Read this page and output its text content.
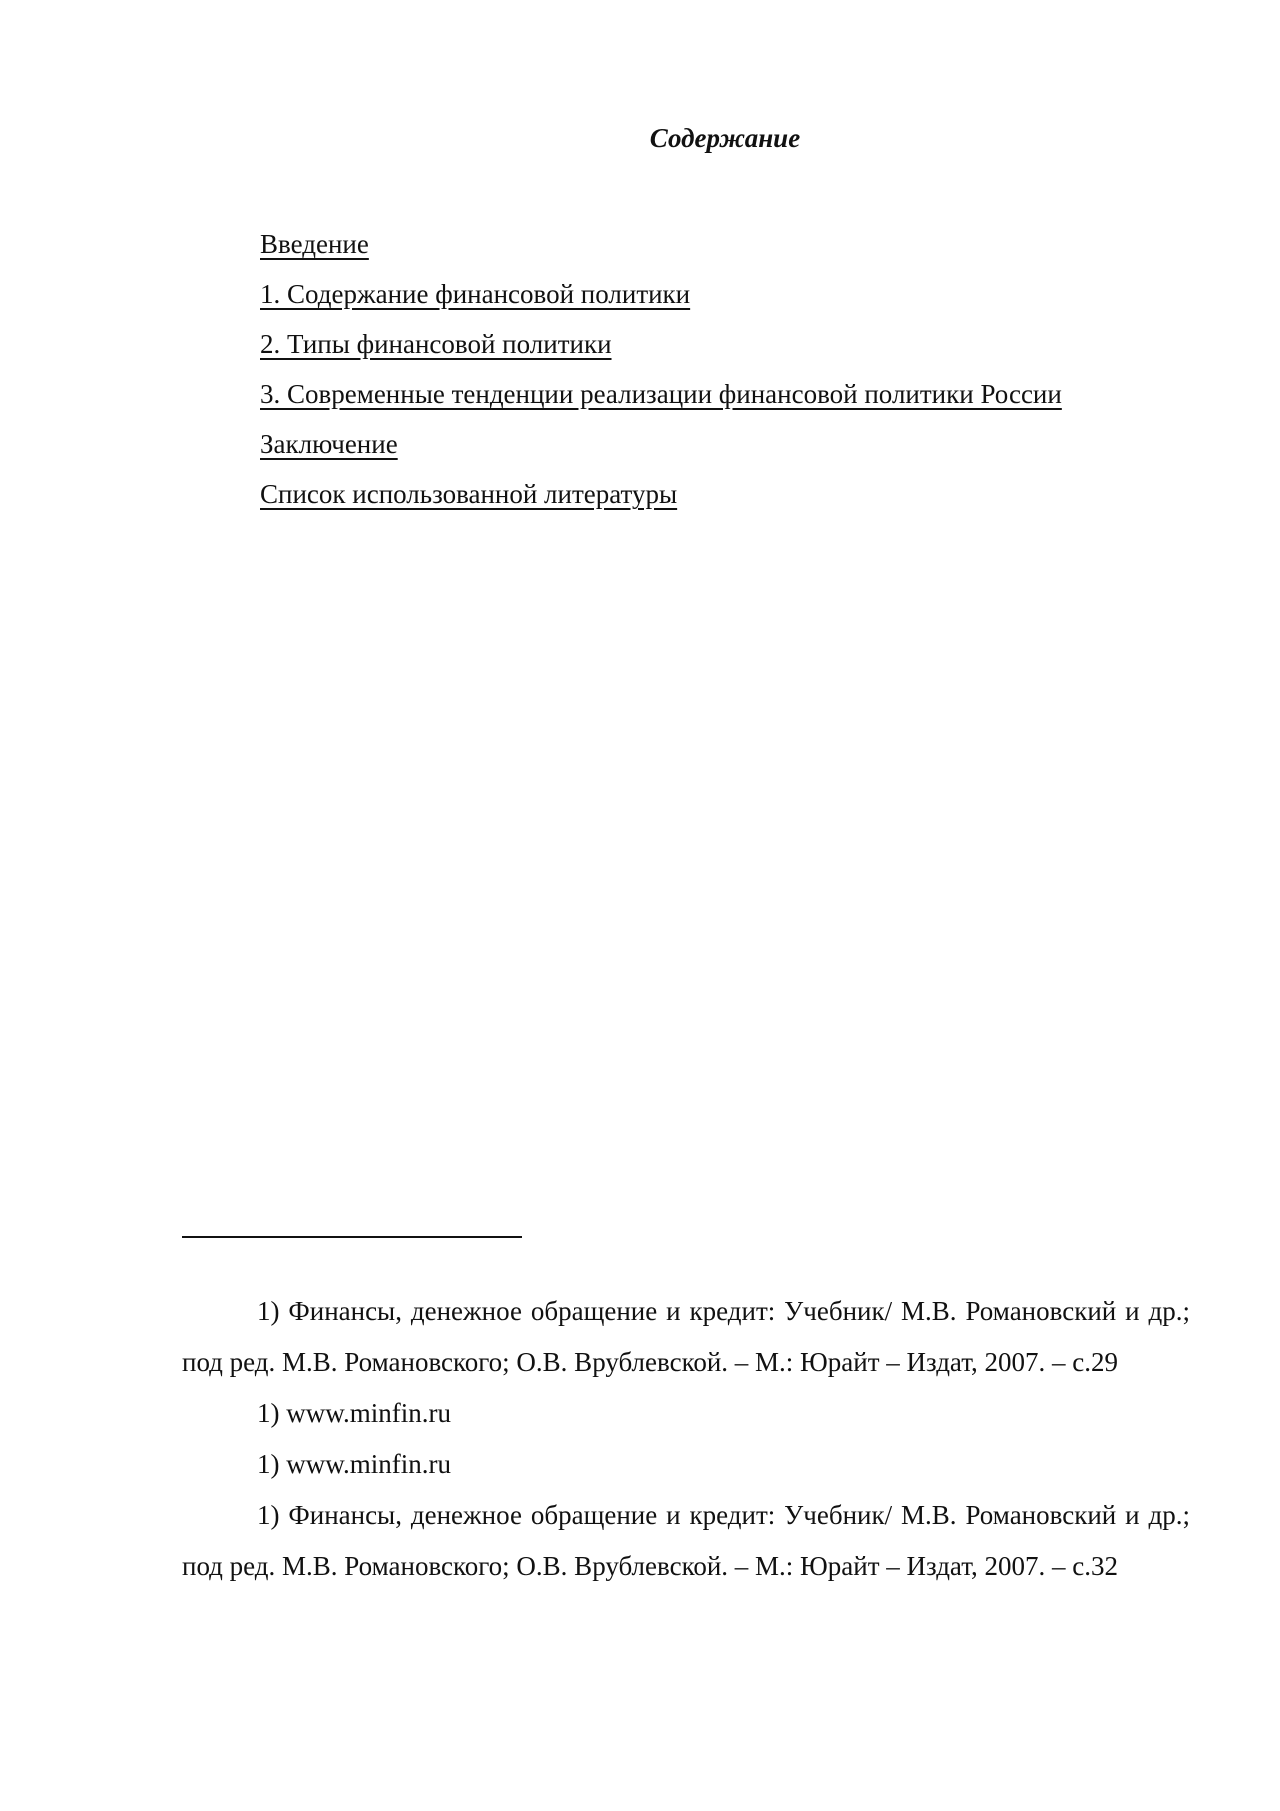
Содержание
Введение
1. Содержание финансовой политики
2. Типы финансовой политики
3. Современные тенденции реализации финансовой политики России
Заключение
Список использованной литературы

1) Финансы, денежное обращение и кредит: Учебник/ М.В. Романовский и др.; под ред. М.В. Романовского; О.В. Врублевской. – М.: Юрайт – Издат, 2007. – с.29

1) www.minfin.ru

1) www.minfin.ru

1) Финансы, денежное обращение и кредит: Учебник/ М.В. Романовский и др.; под ред. М.В. Романовского; О.В. Врублевской. – М.: Юрайт – Издат, 2007. – с.32
